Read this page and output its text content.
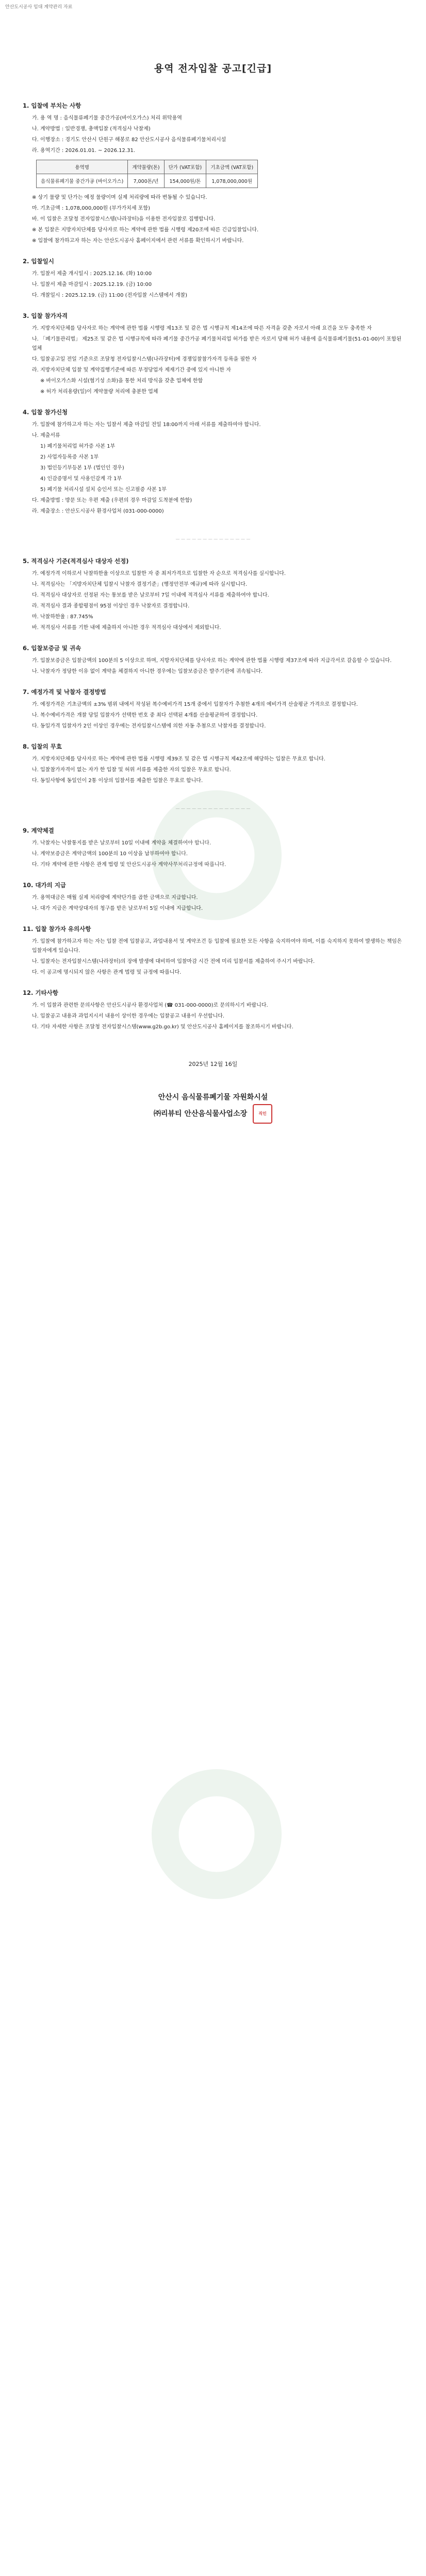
안산도시공사 임대 계약관리 자료
용역 전자입찰 공고[긴급]
1. 입찰에 부치는 사항
가. 용 역 명 : 음식물류폐기물 중간가공(바이오가스) 처리 위탁용역
나. 계약방법 : 일반경쟁, 총액입찰 (적격심사 낙찰제)
다. 이행장소 : 경기도 안산시 단원구 해봉로 82 안산도시공사 음식물류폐기물처리시설
라. 용역기간 : 2026.01.01. ~ 2026.12.31.
용역명	계약물량(톤)	단가 (VAT포함)	기초금액 (VAT포함)
음식물류폐기물 중간가공 (바이오가스)	7,000톤/년	154,000원/톤	1,078,000,000원
※ 상기 물량 및 단가는 예정 물량이며 실제 처리량에 따라 변동될 수 있습니다.
마. 기초금액 : 1,078,000,000원 (부가가치세 포함)
바. 이 입찰은 조달청 전자입찰시스템(나라장터)을 이용한 전자입찰로 집행합니다.
※ 본 입찰은 지방자치단체를 당사자로 하는 계약에 관한 법률 시행령 제20조에 따른 긴급입찰입니다.
※ 입찰에 참가하고자 하는 자는 안산도시공사 홈페이지에서 관련 서류를 확인하시기 바랍니다.
2. 입찰일시
가. 입찰서 제출 개시일시 : 2025.12.16. (화) 10:00
나. 입찰서 제출 마감일시 : 2025.12.19. (금) 10:00
다. 개찰일시 : 2025.12.19. (금) 11:00 (전자입찰 시스템에서 개찰)
3. 입찰 참가자격
가. 지방자치단체를 당사자로 하는 계약에 관한 법률 시행령 제13조 및 같은 법 시행규칙 제14조에 따른 자격을 갖춘 자로서 아래 요건을 모두 충족한 자
나. 「폐기물관리법」 제25조 및 같은 법 시행규칙에 따라 폐기물 중간가공 폐기물처리업 허가를 받은 자로서 당해 허가 내용에 음식물류폐기물(51-01-00)이 포함된 업체
다. 입찰공고일 전일 기준으로 조달청 전자입찰시스템(나라장터)에 경쟁입찰참가자격 등록을 필한 자
라. 지방자치단체 입찰 및 계약집행기준에 따른 부정당업자 제재기간 중에 있지 아니한 자
※ 바이오가스화 시설(혐기성 소화)을 통한 처리 방식을 갖춘 업체에 한함
※ 허가 처리용량(일)이 계약물량 처리에 충분한 업체
4. 입찰 참가신청
가. 입찰에 참가하고자 하는 자는 입찰서 제출 마감일 전일 18:00까지 아래 서류를 제출하여야 합니다.
나. 제출서류
1) 폐기물처리업 허가증 사본 1부
2) 사업자등록증 사본 1부
3) 법인등기부등본 1부 (법인인 경우)
4) 인감증명서 및 사용인감계 각 1부
5) 폐기물 처리시설 설치 승인서 또는 신고필증 사본 1부
다. 제출방법 : 방문 또는 우편 제출 (우편의 경우 마감일 도착분에 한함)
라. 제출장소 : 안산도시공사 환경사업처 (031-000-0000)
— — — — — — — — — — — — — —
5. 적격심사 기준(적격심사 대상자 선정)
가. 예정가격 이하로서 낙찰하한율 이상으로 입찰한 자 중 최저가격으로 입찰한 자 순으로 적격심사를 실시합니다.
나. 적격심사는 「지방자치단체 입찰시 낙찰자 결정기준」(행정안전부 예규)에 따라 실시합니다.
다. 적격심사 대상자로 선정된 자는 통보를 받은 날로부터 7일 이내에 적격심사 서류를 제출하여야 합니다.
라. 적격심사 결과 종합평점이 95점 이상인 경우 낙찰자로 결정합니다.
마. 낙찰하한율 : 87.745%
바. 적격심사 서류를 기한 내에 제출하지 아니한 경우 적격심사 대상에서 제외합니다.
6. 입찰보증금 및 귀속
가. 입찰보증금은 입찰금액의 100분의 5 이상으로 하며, 지방자치단체를 당사자로 하는 계약에 관한 법률 시행령 제37조에 따라 지급각서로 갈음할 수 있습니다.
나. 낙찰자가 정당한 이유 없이 계약을 체결하지 아니한 경우에는 입찰보증금은 발주기관에 귀속됩니다.
7. 예정가격 및 낙찰자 결정방법
가. 예정가격은 기초금액의 ±3% 범위 내에서 작성된 복수예비가격 15개 중에서 입찰자가 추첨한 4개의 예비가격 산술평균 가격으로 결정합니다.
나. 복수예비가격은 개찰 당일 입찰자가 선택한 번호 중 최다 선택된 4개를 산술평균하여 결정합니다.
다. 동일가격 입찰자가 2인 이상인 경우에는 전자입찰시스템에 의한 자동 추첨으로 낙찰자를 결정합니다.
8. 입찰의 무효
가. 지방자치단체를 당사자로 하는 계약에 관한 법률 시행령 제39조 및 같은 법 시행규칙 제42조에 해당하는 입찰은 무효로 합니다.
나. 입찰참가자격이 없는 자가 한 입찰 및 허위 서류를 제출한 자의 입찰은 무효로 합니다.
다. 동일사항에 동일인이 2통 이상의 입찰서를 제출한 입찰은 무효로 합니다.
— — — — — — — — — — — — — —
9. 계약체결
가. 낙찰자는 낙찰통지를 받은 날로부터 10일 이내에 계약을 체결하여야 합니다.
나. 계약보증금은 계약금액의 100분의 10 이상을 납부하여야 합니다.
다. 기타 계약에 관한 사항은 관계 법령 및 안산도시공사 계약사무처리규정에 따릅니다.
10. 대가의 지급
가. 용역대금은 매월 실제 처리량에 계약단가를 곱한 금액으로 지급합니다.
나. 대가 지급은 계약상대자의 청구를 받은 날로부터 5일 이내에 지급합니다.
11. 입찰 참가자 유의사항
가. 입찰에 참가하고자 하는 자는 입찰 전에 입찰공고, 과업내용서 및 계약조건 등 입찰에 필요한 모든 사항을 숙지하여야 하며, 이를 숙지하지 못하여 발생하는 책임은 입찰자에게 있습니다.
나. 입찰자는 전자입찰시스템(나라장터)의 장애 발생에 대비하여 입찰마감 시간 전에 미리 입찰서를 제출하여 주시기 바랍니다.
다. 이 공고에 명시되지 않은 사항은 관계 법령 및 규정에 따릅니다.
12. 기타사항
가. 이 입찰과 관련한 문의사항은 안산도시공사 환경사업처 (☎ 031-000-0000)로 문의하시기 바랍니다.
나. 입찰공고 내용과 과업지시서 내용이 상이한 경우에는 입찰공고 내용이 우선합니다.
다. 기타 자세한 사항은 조달청 전자입찰시스템(www.g2b.go.kr) 및 안산도시공사 홈페이지를 참조하시기 바랍니다.
2025년 12월 16일
안산시 음식물류폐기물 자원화시설
㈜리뷰티 안산음식물사업소장	직인
